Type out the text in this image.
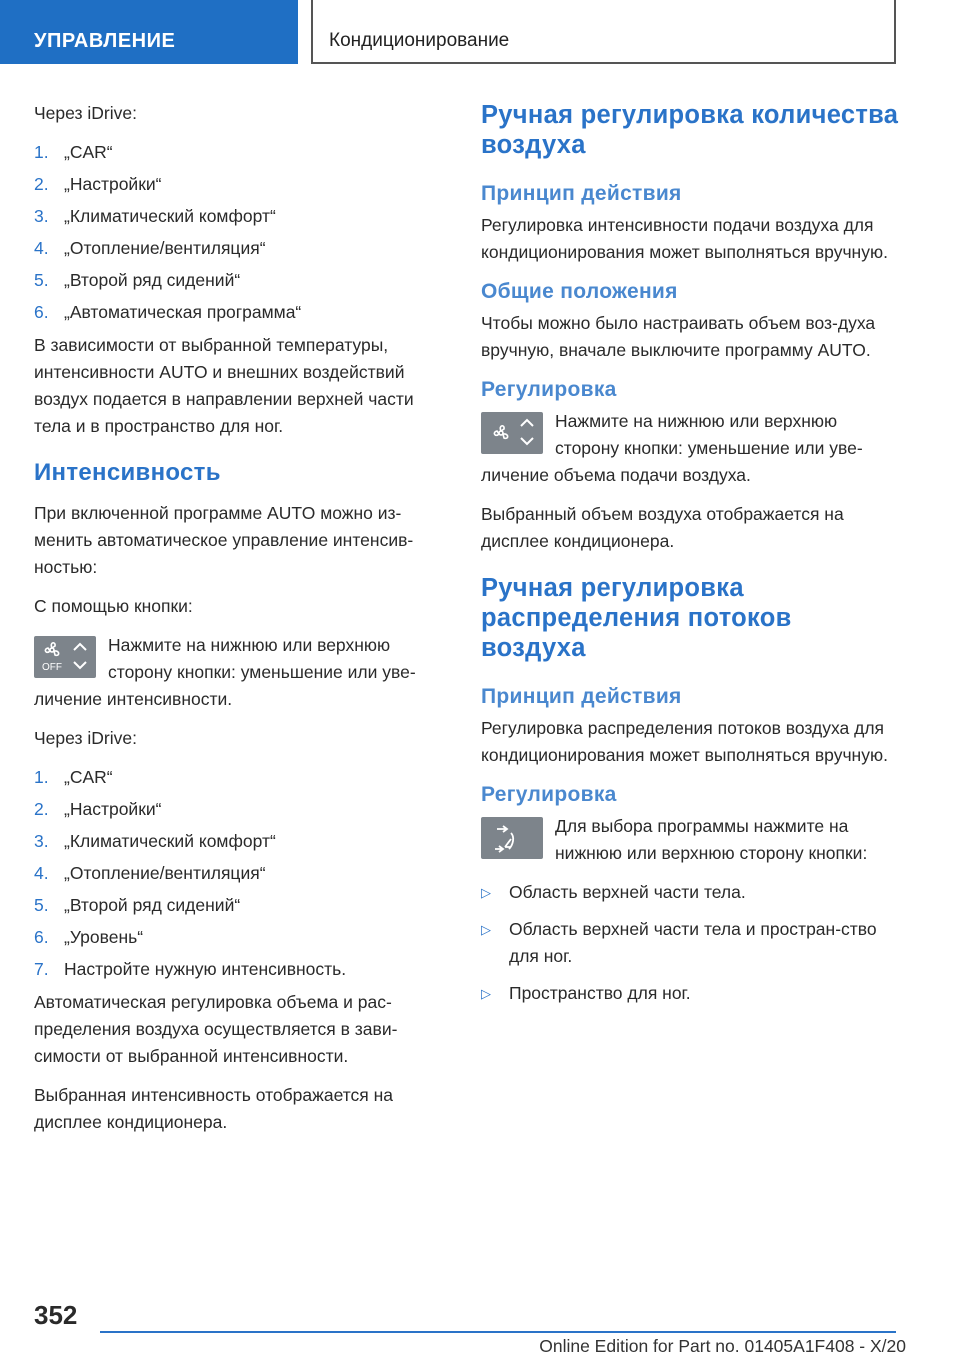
УПРАВЛЕНИЕ	Кондиционирование

Через iDrive:

1. „CAR“
2. „Настройки“
3. „Климатический комфорт“
4. „Отопление/вентиляция“
5. „Второй ряд сидений“
6. „Автоматическая программа“

В зависимости от выбранной температуры, интенсивности AUTO и внешних воздействий воздух подается в направлении верхней части тела и в пространство для ног.

Интенсивность

При включенной программе AUTO можно из-менить автоматическое управление интенсив-ностью:

С помощью кнопки:

OFF
Нажмите на нижнюю или верхнюю сторону кнопки: уменьшение или уве-личение интенсивности.

Через iDrive:

1. „CAR“
2. „Настройки“
3. „Климатический комфорт“
4. „Отопление/вентиляция“
5. „Второй ряд сидений“
6. „Уровень“
7. Настройте нужную интенсивность.

Автоматическая регулировка объема и рас-пределения воздуха осуществляется в зави-симости от выбранной интенсивности.

Выбранная интенсивность отображается на дисплее кондиционера.

Ручная регулировка количества воздуха
Принцип действия

Регулировка интенсивности подачи воздуха для кондиционирования может выполняться вручную.

Общие положения

Чтобы можно было настраивать объем воз-духа вручную, вначале выключите программу AUTO.

Регулировка
Нажмите на нижнюю или верхнюю сторону кнопки: уменьшение или уве-личение объема подачи воздуха.

Выбранный объем воздуха отображается на дисплее кондиционера.

Ручная регулировка распределения потоков воздуха
Принцип действия

Регулировка распределения потоков воздуха для кондиционирования может выполняться вручную.

Регулировка
Для выбора программы нажмите на нижнюю или верхнюю сторону кнопки:
▷ Область верхней части тела.
▷ Область верхней части тела и простран-ство для ног.
▷ Пространство для ног.
352
Online Edition for Part no. 01405A1F408 - X/20
